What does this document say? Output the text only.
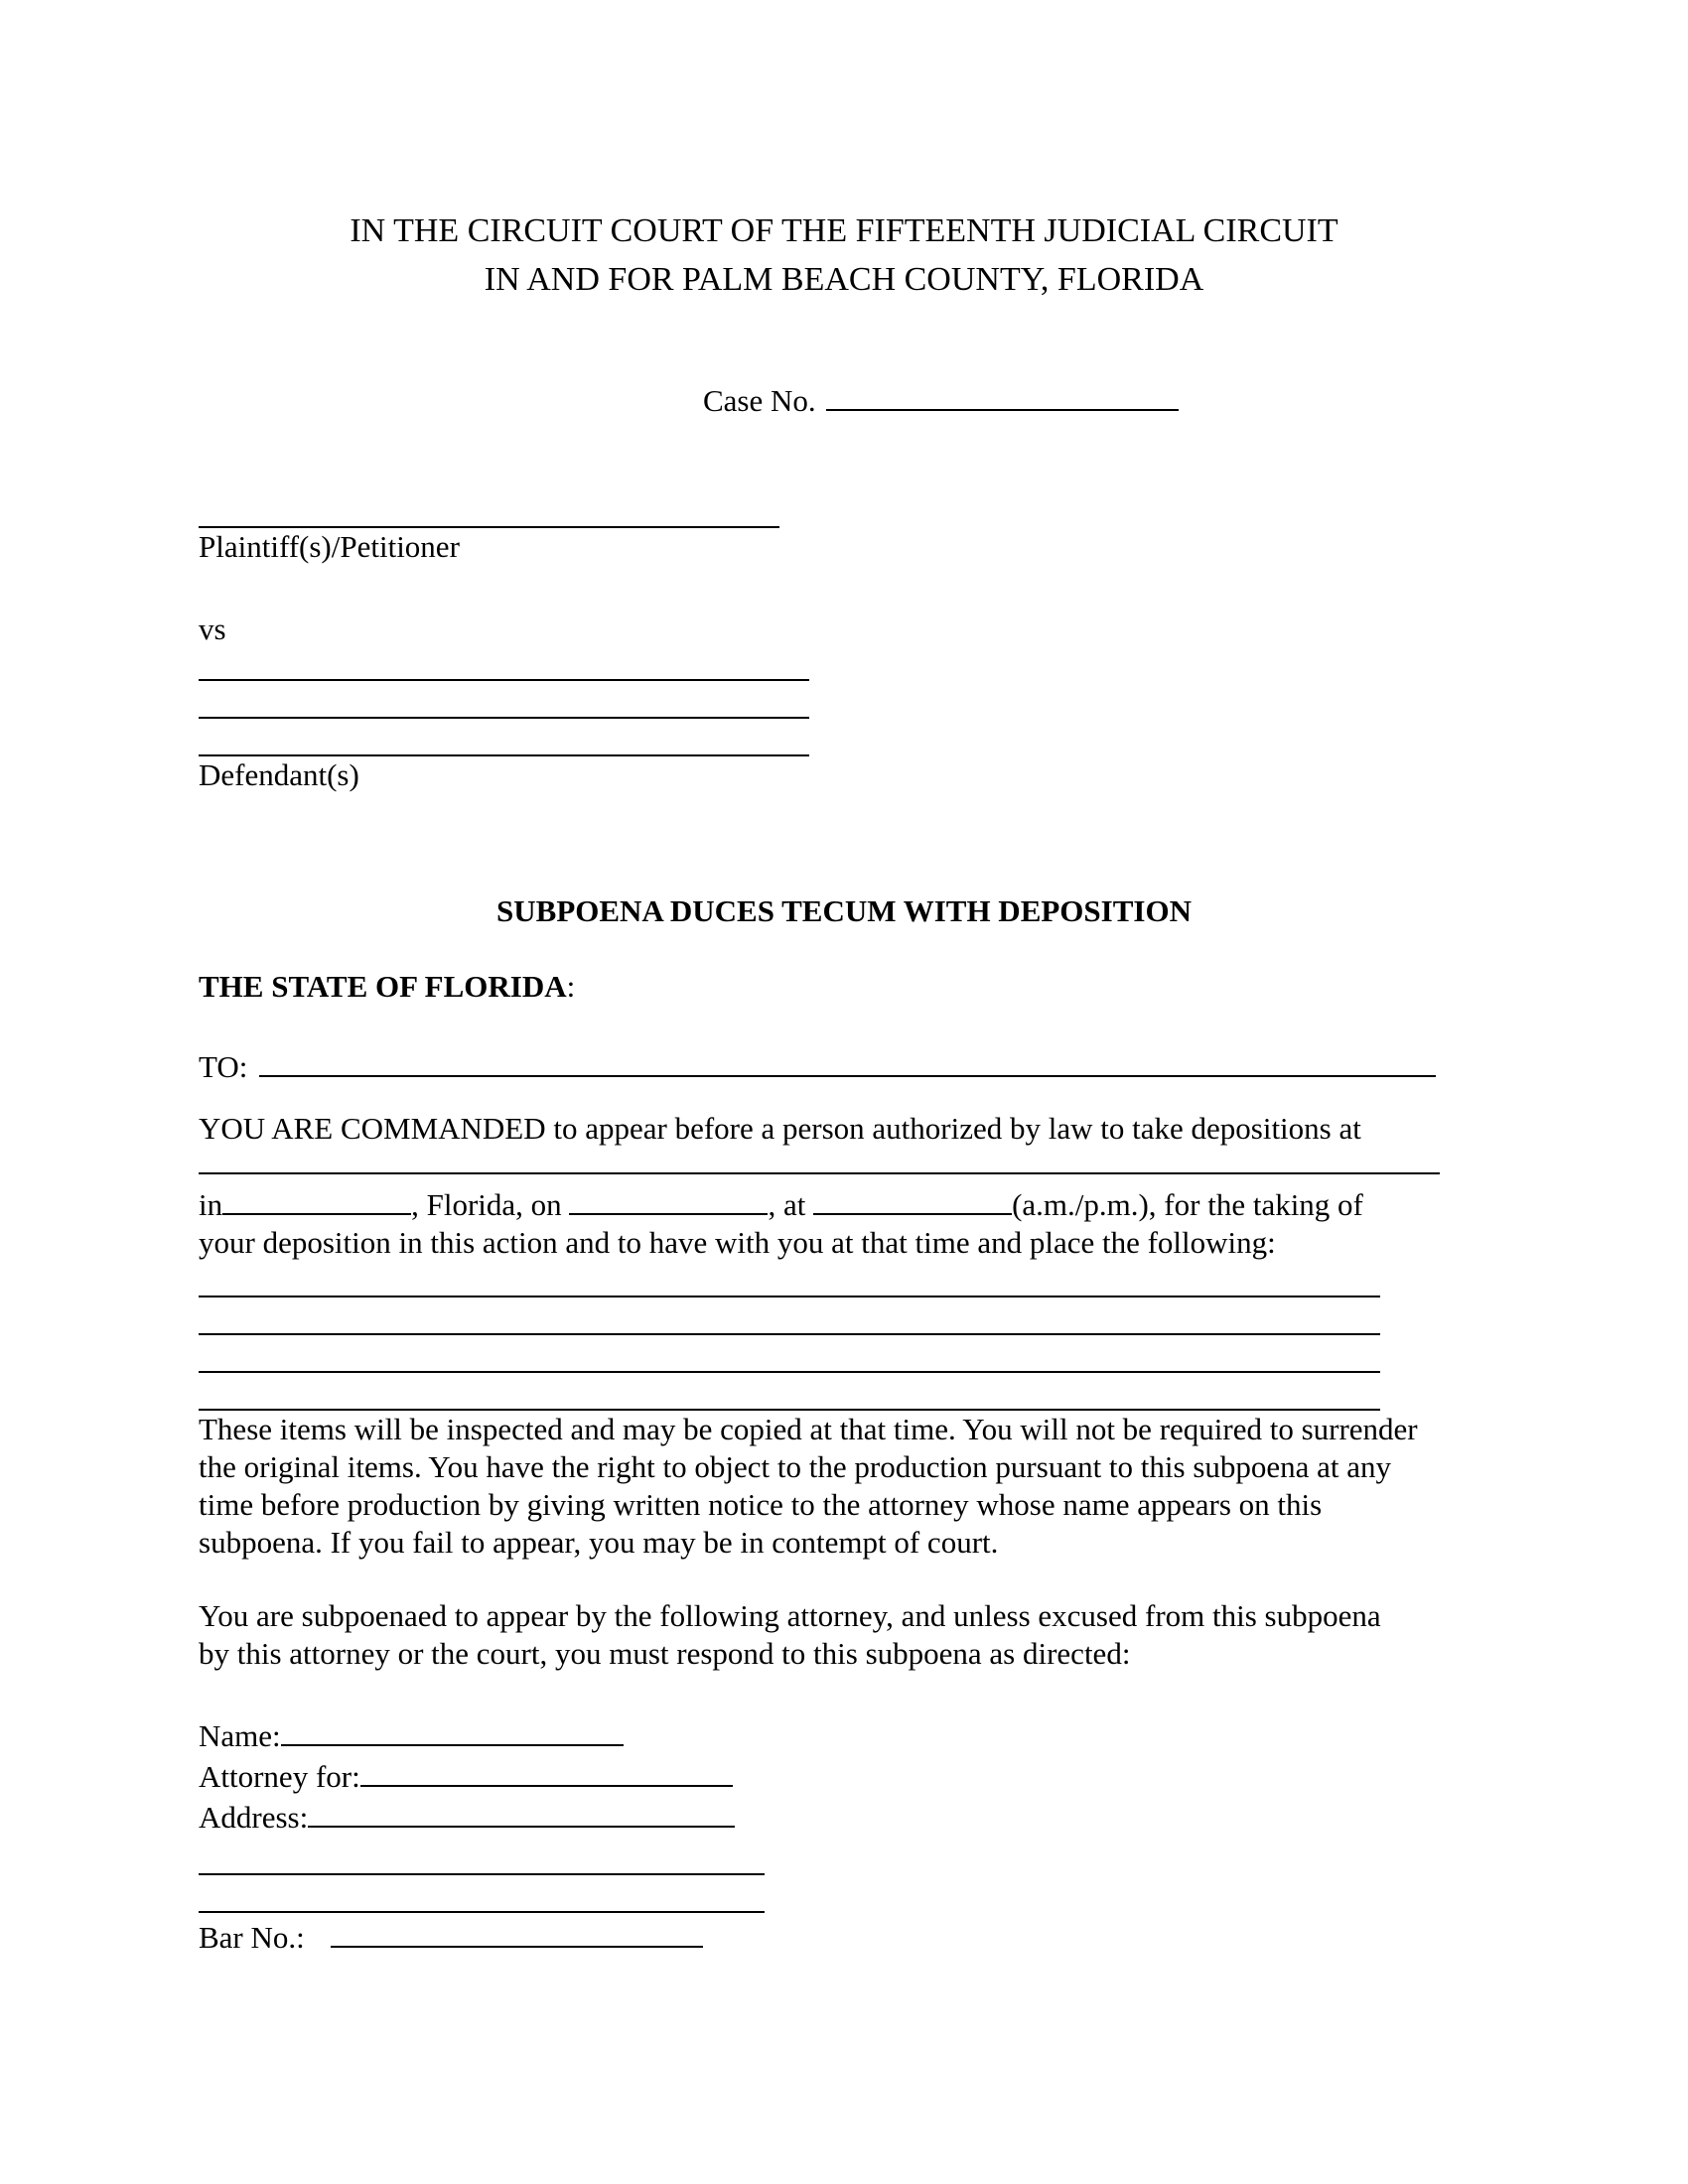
IN THE CIRCUIT COURT OF THE FIFTEENTH JUDICIAL CIRCUIT
IN AND FOR PALM BEACH COUNTY, FLORIDA
Case No.
Plaintiff(s)/Petitioner
vs
Defendant(s)
SUBPOENA DUCES TECUM WITH DEPOSITION
THE STATE OF FLORIDA:
TO:
YOU ARE COMMANDED to appear before a person authorized by law to take depositions at
in	, Florida, on	, at	(a.m./p.m.), for the taking of
your deposition in this action and to have with you at that time and place the following:
These items will be inspected and may be copied at that time. You will not be required to surrender
the original items. You have the right to object to the production pursuant to this subpoena at any
time before production by giving written notice to the attorney whose name appears on this
subpoena. If you fail to appear, you may be in contempt of court.
You are subpoenaed to appear by the following attorney, and unless excused from this subpoena
by this attorney or the court, you must respond to this subpoena as directed:
Name:
Attorney for:
Address:
Bar No.:
